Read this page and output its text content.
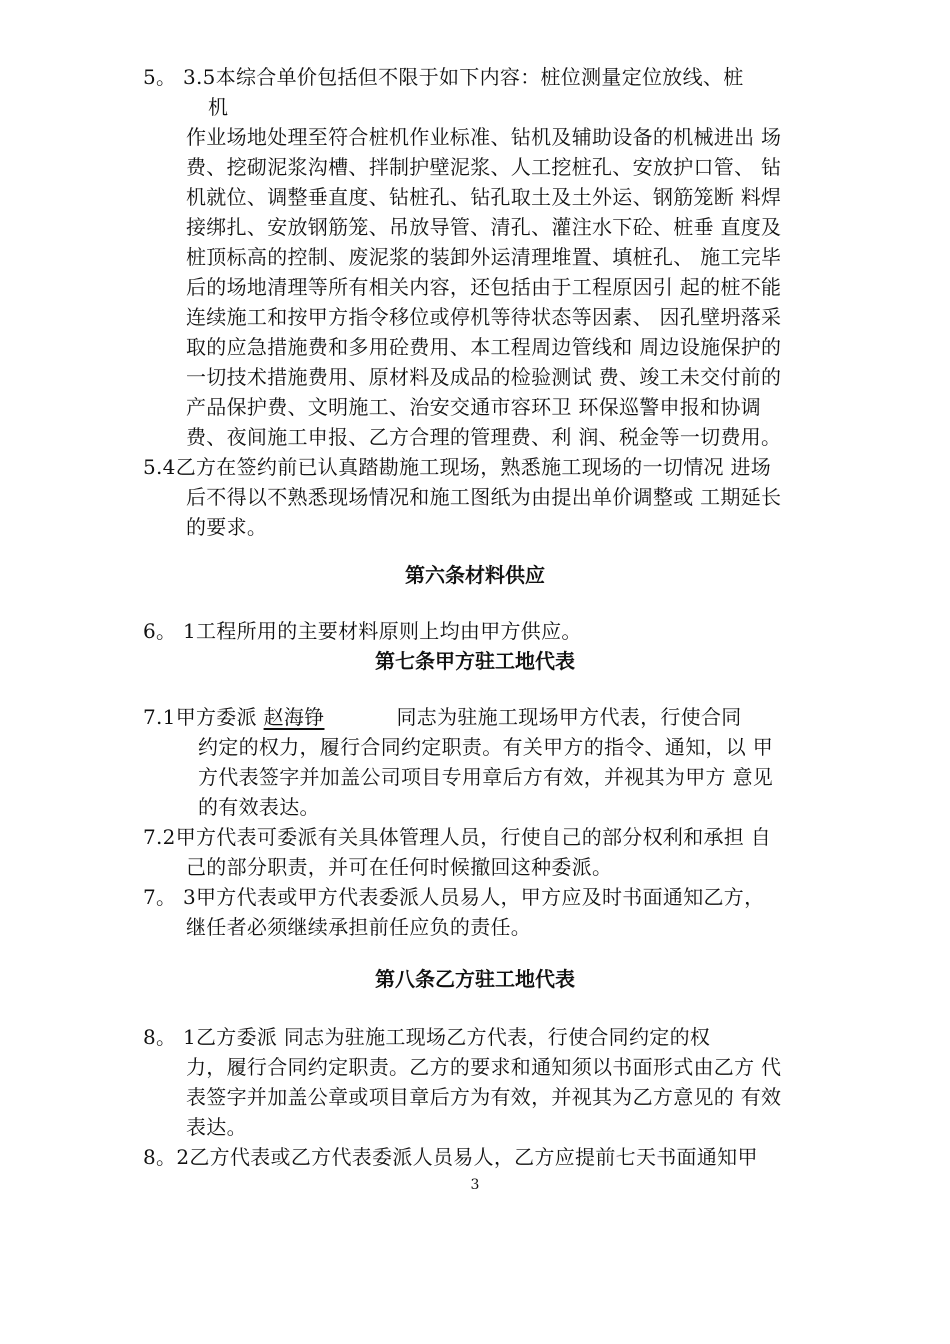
5。 3.5本综合单价包括但不限于如下内容：桩位测量定位放线、桩
机
作业场地处理至符合桩机作业标准、钻机及辅助设备的机械进出 场
费、挖砌泥浆沟槽、拌制护壁泥浆、人工挖桩孔、安放护口管、 钻
机就位、调整垂直度、钻桩孔、钻孔取土及土外运、钢筋笼断 料焊
接绑扎、安放钢筋笼、吊放导管、清孔、灌注水下砼、桩垂 直度及
桩顶标高的控制、废泥浆的装卸外运清理堆置、填桩孔、 施工完毕
后的场地清理等所有相关内容，还包括由于工程原因引 起的桩不能
连续施工和按甲方指令移位或停机等待状态等因素、 因孔壁坍落采
取的应急措施费和多用砼费用、本工程周边管线和 周边设施保护的
一切技术措施费用、原材料及成品的检验测试 费、竣工未交付前的
产品保护费、文明施工、治安交通市容环卫 环保巡警申报和协调
费、夜间施工申报、乙方合理的管理费、利 润、税金等一切费用。
5.4乙方在签约前已认真踏勘施工现场，熟悉施工现场的一切情况 进场
后不得以不熟悉现场情况和施工图纸为由提出单价调整或 工期延长
的要求。
第六条材料供应
6。 1工程所用的主要材料原则上均由甲方供应。
第七条甲方驻工地代表
7.1甲方委派 赵海铮	同志为驻施工现场甲方代表，行使合同
约定的权力，履行合同约定职责。有关甲方的指令、通知，以 甲
方代表签字并加盖公司项目专用章后方有效，并视其为甲方 意见
的有效表达。
7.2甲方代表可委派有关具体管理人员，行使自己的部分权利和承担 自
己的部分职责，并可在任何时候撤回这种委派。
7。 3甲方代表或甲方代表委派人员易人，甲方应及时书面通知乙方，
继任者必须继续承担前任应负的责任。
第八条乙方驻工地代表
8。 1乙方委派 同志为驻施工现场乙方代表，行使合同约定的权
力，履行合同约定职责。乙方的要求和通知须以书面形式由乙方 代
表签字并加盖公章或项目章后方为有效，并视其为乙方意见的 有效
表达。
8。2乙方代表或乙方代表委派人员易人，乙方应提前七天书面通知甲
3
